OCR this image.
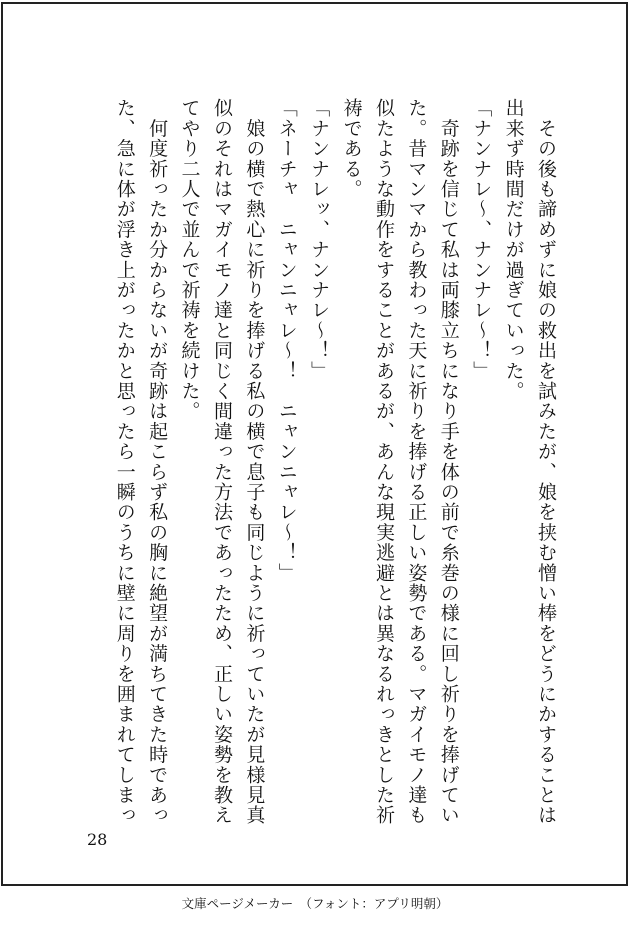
　その後も諦めずに娘の救出を試みたが、娘を挟む憎い棒をどうにかすることは
出来ず時間だけが過ぎていった。
「ナンナレ〜、ナンナレ〜！」
　奇跡を信じて私は両膝立ちになり手を体の前で糸巻の様に回し祈りを捧げてい
た。昔マンマから教わった天に祈りを捧げる正しい姿勢である。マガイモノ達も
似たような動作をすることがあるが、あんな現実逃避とは異なるれっきとした祈
祷である。
「ナンナレッ、ナンナレ〜！」
「ネーチャ　ニャンニャレ〜！　ニャンニャレ〜！」
　娘の横で熱心に祈りを捧げる私の横で息子も同じように祈っていたが見様見真
似のそれはマガイモノ達と同じく間違った方法であったため、正しい姿勢を教え
てやり二人で並んで祈祷を続けた。
　何度祈ったか分からないが奇跡は起こらず私の胸に絶望が満ちてきた時であっ
た、急に体が浮き上がったかと思ったら一瞬のうちに壁に周りを囲まれてしまっ
28
文庫ページメーカー　（フォント：アプリ明朝）
